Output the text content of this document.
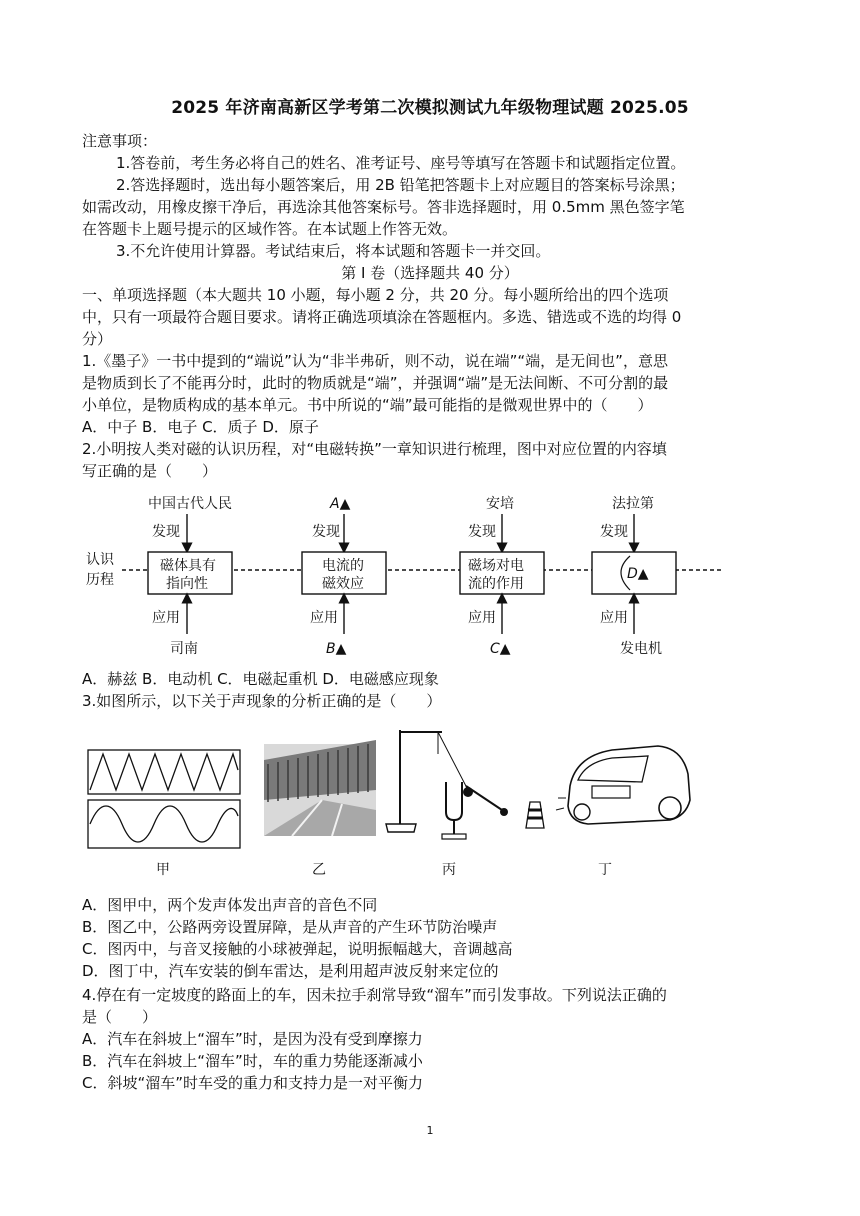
2025 年济南高新区学考第二次模拟测试九年级物理试题 2025.05
注意事项：
1.答卷前，考生务必将自己的姓名、准考证号、座号等填写在答题卡和试题指定位置。
2.答选择题时，选出每小题答案后，用 2B 铅笔把答题卡上对应题目的答案标号涂黑；
如需改动，用橡皮擦干净后，再选涂其他答案标号。答非选择题时，用 0.5mm 黑色签字笔
在答题卡上题号提示的区域作答。在本试题上作答无效。
3.不允许使用计算器。考试结束后，将本试题和答题卡一并交回。
第 Ⅰ 卷（选择题共 40 分）
一、单项选择题（本大题共 10 小题，每小题 2 分，共 20 分。每小题所给出的四个选项
中，只有一项最符合题目要求。请将正确选项填涂在答题框内。多选、错选或不选的均得 0
分）
1.《墨子》一书中提到的“端说”认为“非半弗斫，则不动，说在端”“端，是无间也”，意思
是物质到长了不能再分时，此时的物质就是“端”，并强调“端”是无法间断、不可分割的最
小单位，是物质构成的基本单元。书中所说的“端”最可能指的是微观世界中的（　　）
A．中子 B．电子 C．质子 D．原子
2.小明按人类对磁的认识历程，对“电磁转换”一章知识进行梳理，图中对应位置的内容填
写正确的是（　　）
认识
历程
中国古代人民
发现
磁体具有
指向性
应用
司南
A▲
发现
电流的
磁效应
应用
B▲
安培
发现
磁场对电
流的作用
应用
C▲
法拉第
发现
D▲
应用
发电机
A．赫兹 B．电动机 C．电磁起重机 D．电磁感应现象
3.如图所示，以下关于声现象的分析正确的是（　　）
甲	乙	丙	丁
A．图甲中，两个发声体发出声音的音色不同
B．图乙中，公路两旁设置屏障，是从声音的产生环节防治噪声
C．图丙中，与音叉接触的小球被弹起，说明振幅越大，音调越高
D．图丁中，汽车安装的倒车雷达，是利用超声波反射来定位的
4.停在有一定坡度的路面上的车，因未拉手刹常导致“溜车”而引发事故。下列说法正确的
是（　　）
A．汽车在斜坡上“溜车”时，是因为没有受到摩擦力
B．汽车在斜坡上“溜车”时，车的重力势能逐渐减小
C．斜坡“溜车”时车受的重力和支持力是一对平衡力
1
